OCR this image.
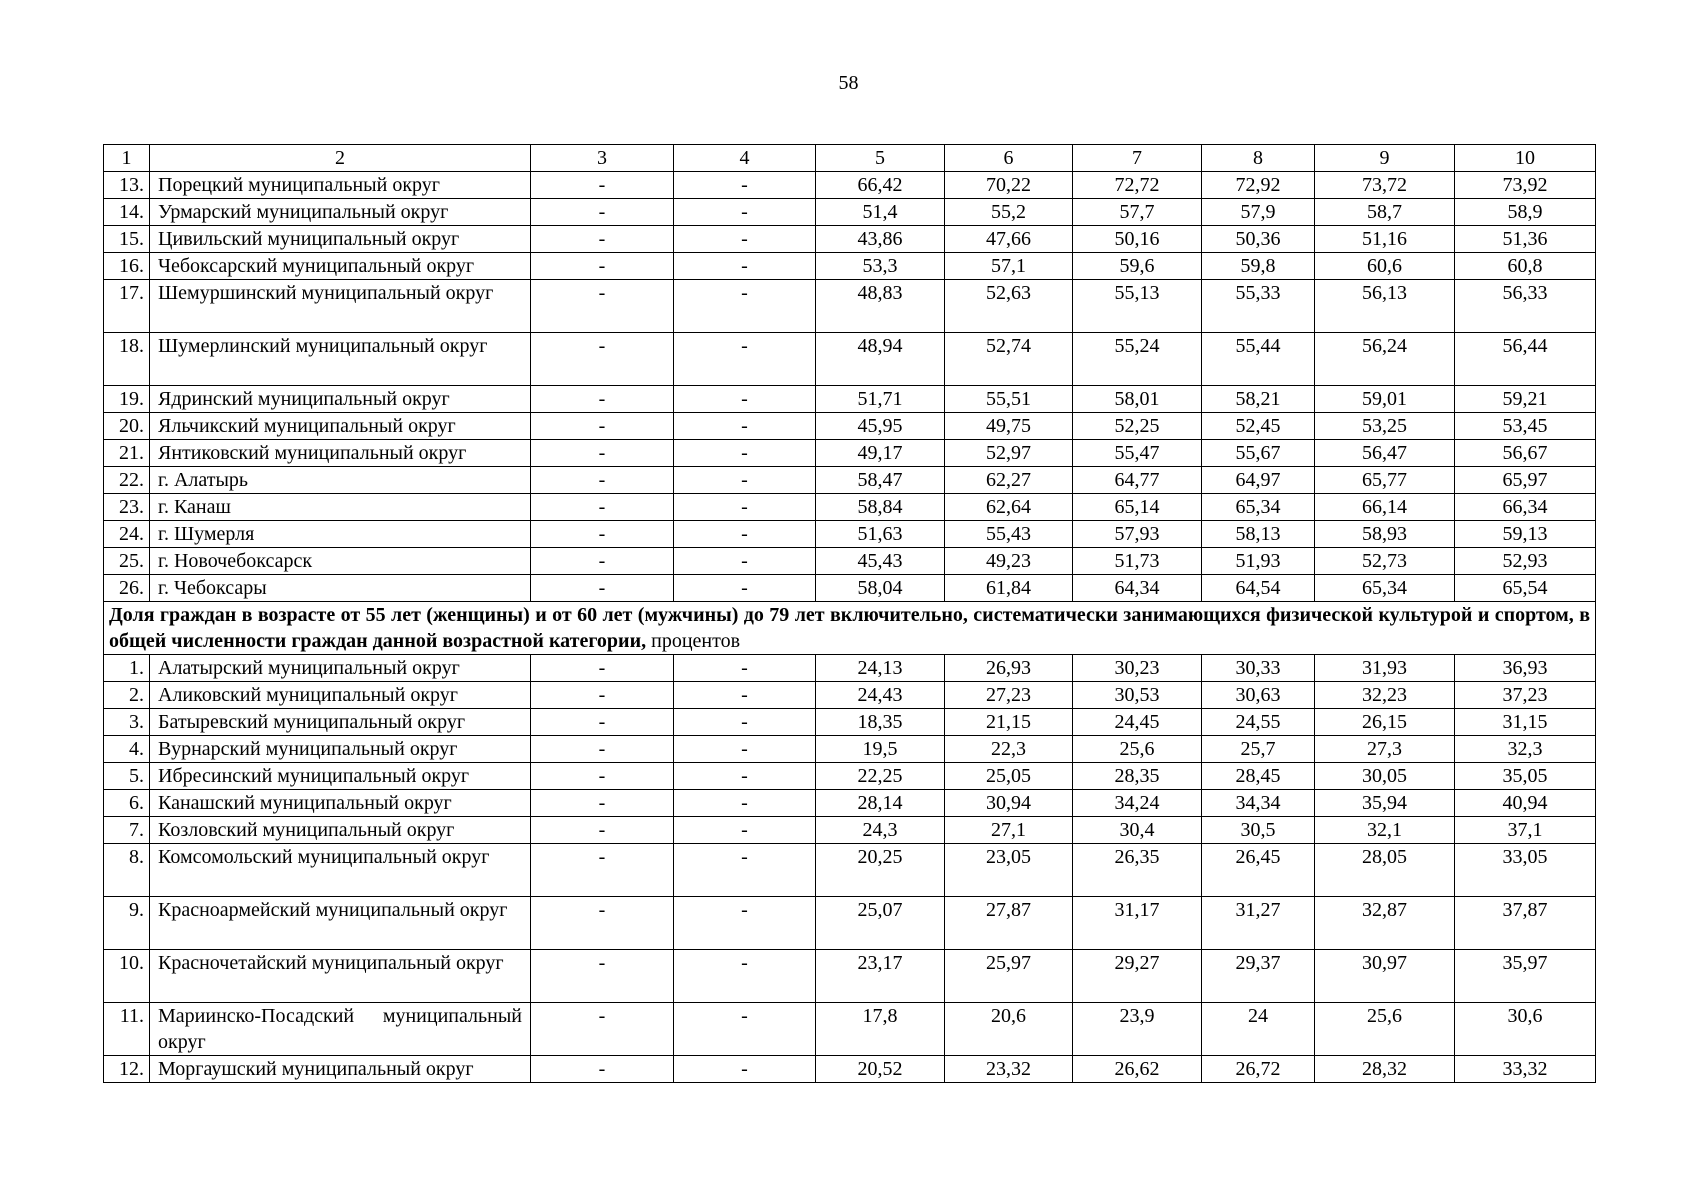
58
1	2	3	4	5	6	7	8	9	10
13.	Порецкий муниципальный округ	-	-	66,42	70,22	72,72	72,92	73,72	73,92
14.	Урмарский муниципальный округ	-	-	51,4	55,2	57,7	57,9	58,7	58,9
15.	Цивильский муниципальный округ	-	-	43,86	47,66	50,16	50,36	51,16	51,36
16.	Чебоксарский муниципальный округ	-	-	53,3	57,1	59,6	59,8	60,6	60,8
17.	Шемуршинский муниципальный округ	-	-	48,83	52,63	55,13	55,33	56,13	56,33
18.	Шумерлинский муниципальный округ	-	-	48,94	52,74	55,24	55,44	56,24	56,44
19.	Ядринский муниципальный округ	-	-	51,71	55,51	58,01	58,21	59,01	59,21
20.	Яльчикский муниципальный округ	-	-	45,95	49,75	52,25	52,45	53,25	53,45
21.	Янтиковский муниципальный округ	-	-	49,17	52,97	55,47	55,67	56,47	56,67
22.	г. Алатырь	-	-	58,47	62,27	64,77	64,97	65,77	65,97
23.	г. Канаш	-	-	58,84	62,64	65,14	65,34	66,14	66,34
24.	г. Шумерля	-	-	51,63	55,43	57,93	58,13	58,93	59,13
25.	г. Новочебоксарск	-	-	45,43	49,23	51,73	51,93	52,73	52,93
26.	г. Чебоксары	-	-	58,04	61,84	64,34	64,54	65,34	65,54
Доля граждан в возрасте от 55 лет (женщины) и от 60 лет (мужчины) до 79 лет включительно, систематически занимающихся физической культурой и спортом, в общей численности граждан данной возрастной категории, процентов									
1.	Алатырский муниципальный округ	-	-	24,13	26,93	30,23	30,33	31,93	36,93
2.	Аликовский муниципальный округ	-	-	24,43	27,23	30,53	30,63	32,23	37,23
3.	Батыревский муниципальный округ	-	-	18,35	21,15	24,45	24,55	26,15	31,15
4.	Вурнарский муниципальный округ	-	-	19,5	22,3	25,6	25,7	27,3	32,3
5.	Ибресинский муниципальный округ	-	-	22,25	25,05	28,35	28,45	30,05	35,05
6.	Канашский муниципальный округ	-	-	28,14	30,94	34,24	34,34	35,94	40,94
7.	Козловский муниципальный округ	-	-	24,3	27,1	30,4	30,5	32,1	37,1
8.	Комсомольский муниципальный округ	-	-	20,25	23,05	26,35	26,45	28,05	33,05
9.	Красноармейский муниципальный округ	-	-	25,07	27,87	31,17	31,27	32,87	37,87
10.	Красночетайский муниципальный округ	-	-	23,17	25,97	29,27	29,37	30,97	35,97
11.	Мариинско-Посадский муниципальный округ	-	-	17,8	20,6	23,9	24	25,6	30,6
12.	Моргаушский муниципальный округ	-	-	20,52	23,32	26,62	26,72	28,32	33,32
